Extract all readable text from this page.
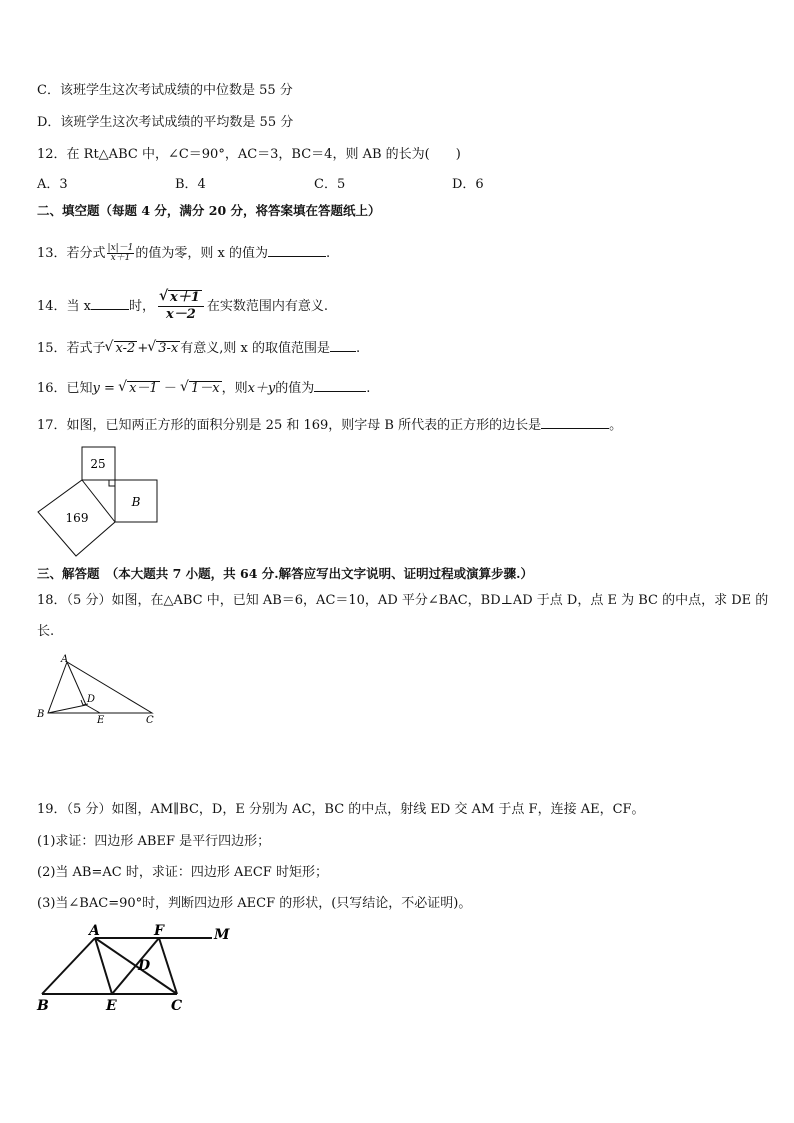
C．该班学生这次考试成绩的中位数是 55 分
D．该班学生这次考试成绩的平均数是 55 分
12．在 Rt△ABC 中，∠C＝90°，AC＝3，BC＝4，则 AB 的长为(　　)
A．3	B．4	C．5	D．6
二、填空题（每题 4 分，满分 20 分，将答案填在答题纸上）
13．若分式 $\frac{|x|-1}{x+1}$ 的值为零，则 x 的值为	.
14．当 x	时， √ $\frac{x+1}{x-2}$ 在实数范围内有意义.
15．若式子 √ x-2 + √ 3-x 有意义,则 x 的取值范围是 .
16．已知y = √ x－1 － √ 1－x ，则x＋y的值为	.
17．如图，已知两正方形的面积分别是 25 和 169，则字母 B 所代表的正方形的边长是	。
25
169
B
三、解答题　（本大题共 7 小题，共 64 分.解答应写出文字说明、证明过程或演算步骤.）
18．（5 分）如图，在△ABC 中，已知 AB＝6，AC＝10，AD 平分∠BAC，BD⊥AD 于点 D，点 E 为 BC 的中点，求 DE 的
长.
A
B
C
D
E
19．（5 分）如图，AM∥BC，D，E 分别为 AC，BC 的中点，射线 ED 交 AM 于点 F，连接 AE，CF。
(1)求证：四边形 ABEF 是平行四边形；
(2)当 AB=AC 时，求证：四边形 AECF 时矩形；
(3)当∠BAC=90°时，判断四边形 AECF 的形状，(只写结论，不必证明)。
A	F	M
D
B	E	C
